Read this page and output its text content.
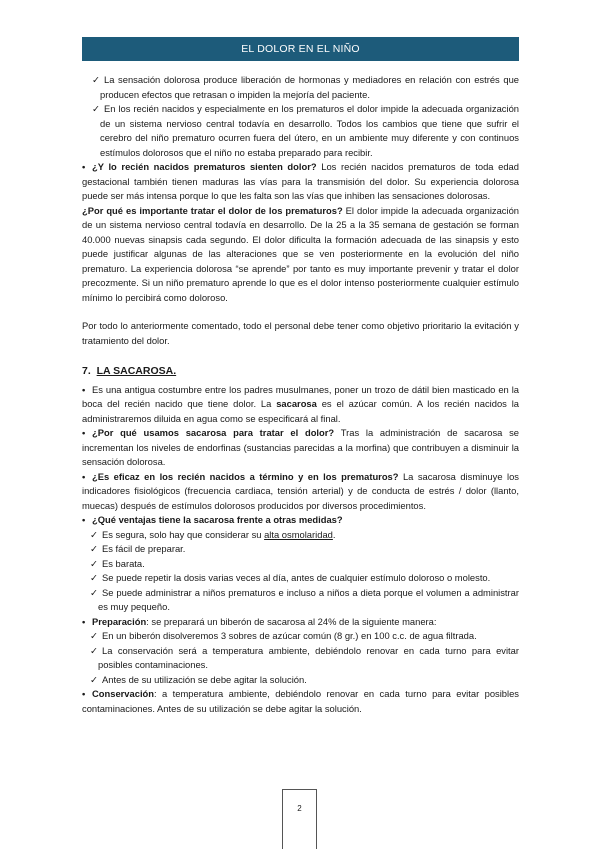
EL DOLOR EN EL NIÑO

✓ La sensación dolorosa produce liberación de hormonas y mediadores en relación con estrés que producen efectos que retrasan o impiden la mejoría del paciente.

✓ En los recién nacidos y especialmente en los prematuros el dolor impide la adecuada organización de un sistema nervioso central todavía en desarrollo. Todos los cambios que tiene que sufrir el cerebro del niño prematuro ocurren fuera del útero, en un ambiente muy diferente y con continuos estímulos dolorosos que el niño no estaba preparado para recibir.

• ¿Y lo recién nacidos prematuros sienten dolor? Los recién nacidos prematuros de toda edad gestacional también tienen maduras las vías para la transmisión del dolor. Su experiencia dolorosa puede ser más intensa porque lo que les falta son las vías que inhiben las sensaciones dolorosas.

¿Por qué es importante tratar el dolor de los prematuros? El dolor impide la adecuada organización de un sistema nervioso central todavía en desarrollo. De la 25 a la 35 semana de gestación se forman 40.000 nuevas sinapsis cada segundo. El dolor dificulta la formación adecuada de las sinapsis y esto puede justificar algunas de las alteraciones que se ven posteriormente en la evolución del niño prematuro. La experiencia dolorosa “se aprende” por tanto es muy importante prevenir y tratar el dolor precozmente. Si un niño prematuro aprende lo que es el dolor intenso posteriormente cualquier estímulo mínimo lo percibirá como doloroso.

Por todo lo anteriormente comentado, todo el personal debe tener como objetivo prioritario la evitación y tratamiento del dolor.

7. LA SACAROSA.

• Es una antigua costumbre entre los padres musulmanes, poner un trozo de dátil bien masticado en la boca del recién nacido que tiene dolor. La sacarosa es el azúcar común. A los recién nacidos la administraremos diluida en agua como se especificará al final.

• ¿Por qué usamos sacarosa para tratar el dolor? Tras la administración de sacarosa se incrementan los niveles de endorfinas (sustancias parecidas a la morfina) que contribuyen a disminuir la sensación dolorosa.

• ¿Es eficaz en los recién nacidos a término y en los prematuros? La sacarosa disminuye los indicadores fisiológicos (frecuencia cardiaca, tensión arterial) y de conducta de estrés / dolor (llanto, muecas) después de estímulos dolorosos producidos por diversos procedimientos.

• ¿Qué ventajas tiene la sacarosa frente a otras medidas?

✓ Es segura, solo hay que considerar su alta osmolaridad.

✓ Es fácil de preparar.

✓ Es barata.

✓ Se puede repetir la dosis varias veces al día, antes de cualquier estímulo doloroso o molesto.

✓ Se puede administrar a niños prematuros e incluso a niños a dieta porque el volumen a administrar es muy pequeño.

• Preparación: se preparará un biberón de sacarosa al 24% de la siguiente manera:

✓ En un biberón disolveremos 3 sobres de azúcar común (8 gr.) en 100 c.c. de agua filtrada.

✓ La conservación será a temperatura ambiente, debiéndolo renovar en cada turno para evitar posibles contaminaciones.

✓ Antes de su utilización se debe agitar la solución.

• Conservación: a temperatura ambiente, debiéndolo renovar en cada turno para evitar posibles contaminaciones. Antes de su utilización se debe agitar la solución.

2
